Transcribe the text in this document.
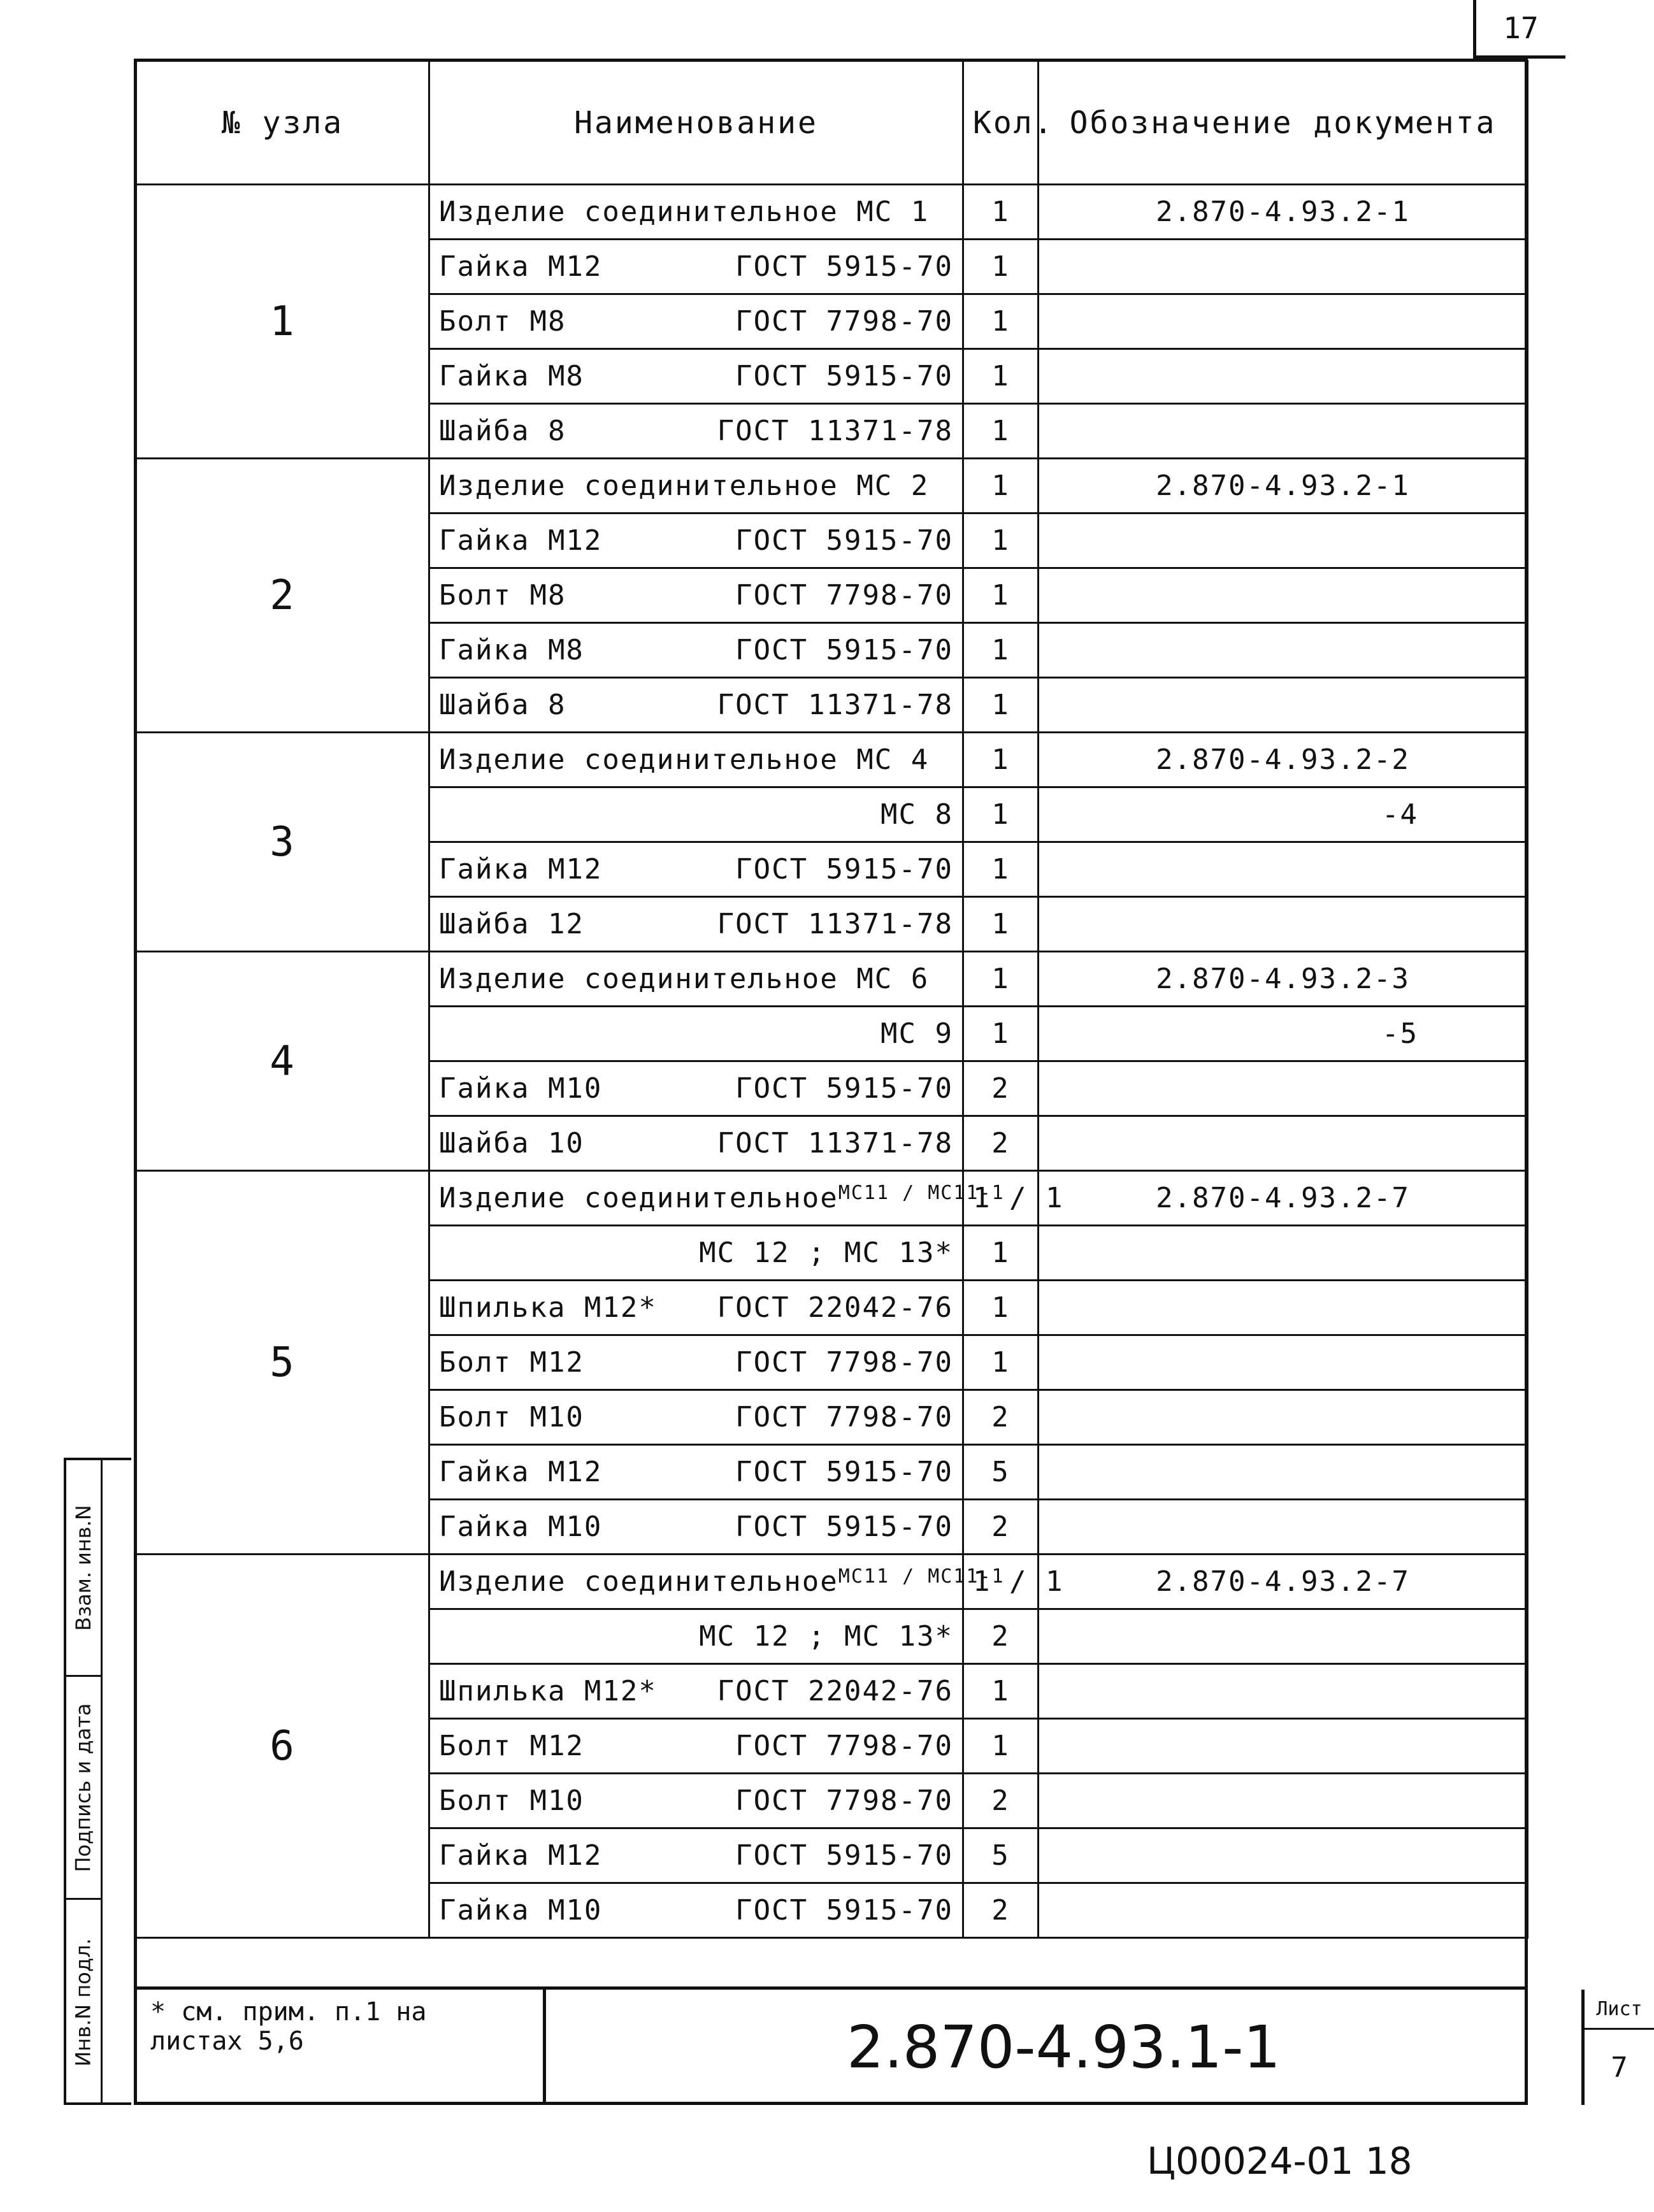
17
№ узла	Наименование	Кол.	Обозначение документа
1	Изделие соединительное МС 1	1	2.870-4.93.2-1

	Гайка М12 ГОСТ 5915-70	1	

	Болт М8 ГОСТ 7798-70	1	

	Гайка М8 ГОСТ 5915-70	1	

	Шайба 8 ГОСТ 11371-78	1	
2	Изделие соединительное МС 2	1	2.870-4.93.2-1

	Гайка М12 ГОСТ 5915-70	1	

	Болт М8 ГОСТ 7798-70	1	

	Гайка М8 ГОСТ 5915-70	1	

	Шайба 8 ГОСТ 11371-78	1	
3	Изделие соединительное МС 4	1	2.870-4.93.2-2

	МС 8	1	-4

	Гайка М12 ГОСТ 5915-70	1	

	Шайба 12 ГОСТ 11371-78	1	
4	Изделие соединительное МС 6	1	2.870-4.93.2-3

	МС 9	1	-5

	Гайка М10 ГОСТ 5915-70	2	

	Шайба 10 ГОСТ 11371-78	2	
5	Изделие соединительное МС11 / МС11-1	1 / 1	2.870-4.93.2-7

	МС 12 ; МС 13*	1	

	Шпилька М12* ГОСТ 22042-76	1	

	Болт М12 ГОСТ 7798-70	1	

	Болт М10 ГОСТ 7798-70	2	

	Гайка М12 ГОСТ 5915-70	5	

	Гайка М10 ГОСТ 5915-70	2	
6	Изделие соединительное МС11 / МС11-1	1 / 1	2.870-4.93.2-7

	МС 12 ; МС 13*	2	

	Шпилька М12* ГОСТ 22042-76	1	

	Болт М12 ГОСТ 7798-70	1	

	Болт М10 ГОСТ 7798-70	2	

	Гайка М12 ГОСТ 5915-70	5	

	Гайка М10 ГОСТ 5915-70	2	
* см. прим. п.1 на
листах 5,6	2.870-4.93.1-1
Лист
7
Взам. инв.N
Подпись и дата
Инв.N подл.
Ц00024-01 18
